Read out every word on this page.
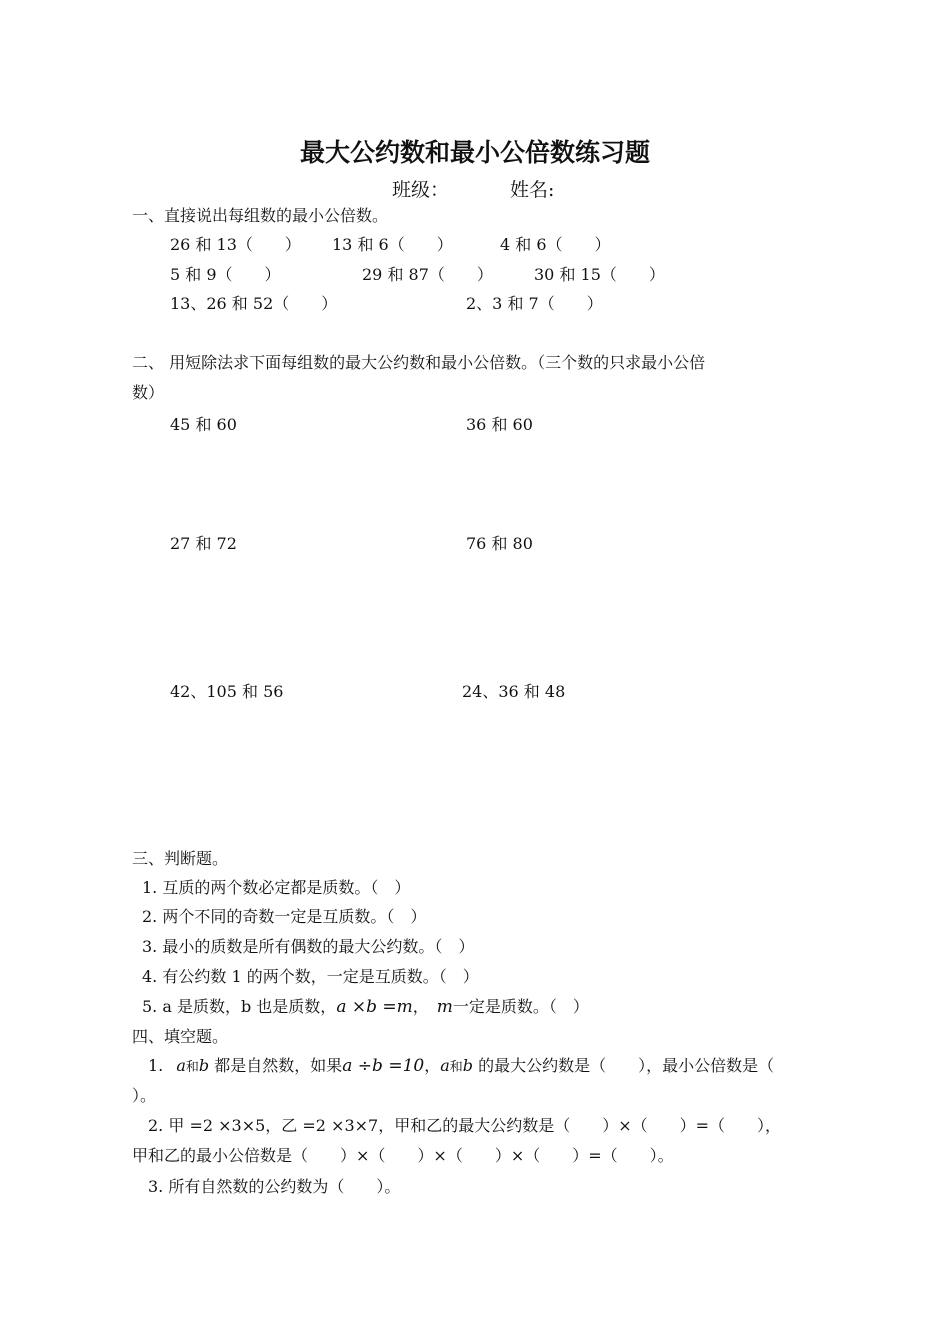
最大公约数和最小公倍数练习题
班级：	姓名:
一、直接说出每组数的最小公倍数。
26 和 13（　　） 13 和 6（　　）	4 和 6（　　）
5 和 9（　　）	29 和 87（　　）	30 和 15（　　）
13、26 和 52（　　）	2、3 和 7（　　）
二、 用短除法求下面每组数的最大公约数和最小公倍数。（三个数的只求最小公倍
数）
45 和 60	36 和 60
27 和 72	76 和 80
42、105 和 56	24、36 和 48
三、判断题。
1. 互质的两个数必定都是质数。（　）
2. 两个不同的奇数一定是互质数。（　）
3. 最小的质数是所有偶数的最大公约数。（　）
4. 有公约数 1 的两个数，一定是互质数。（　）
5. a 是质数，b 也是质数，a ×b =m， m一定是质数。（　）
四、填空题。
1. a和b 都是自然数，如果a ÷b =10，a和b 的最大公约数是（　　），最小公倍数是（
）。
2. 甲 =2 ×3×5，乙 =2 ×3×7，甲和乙的最大公约数是（　　）×（　　）=（　　），
甲和乙的最小公倍数是（　　）×（　　）×（　　）×（　　）=（　　）。
3. 所有自然数的公约数为（　　）。
